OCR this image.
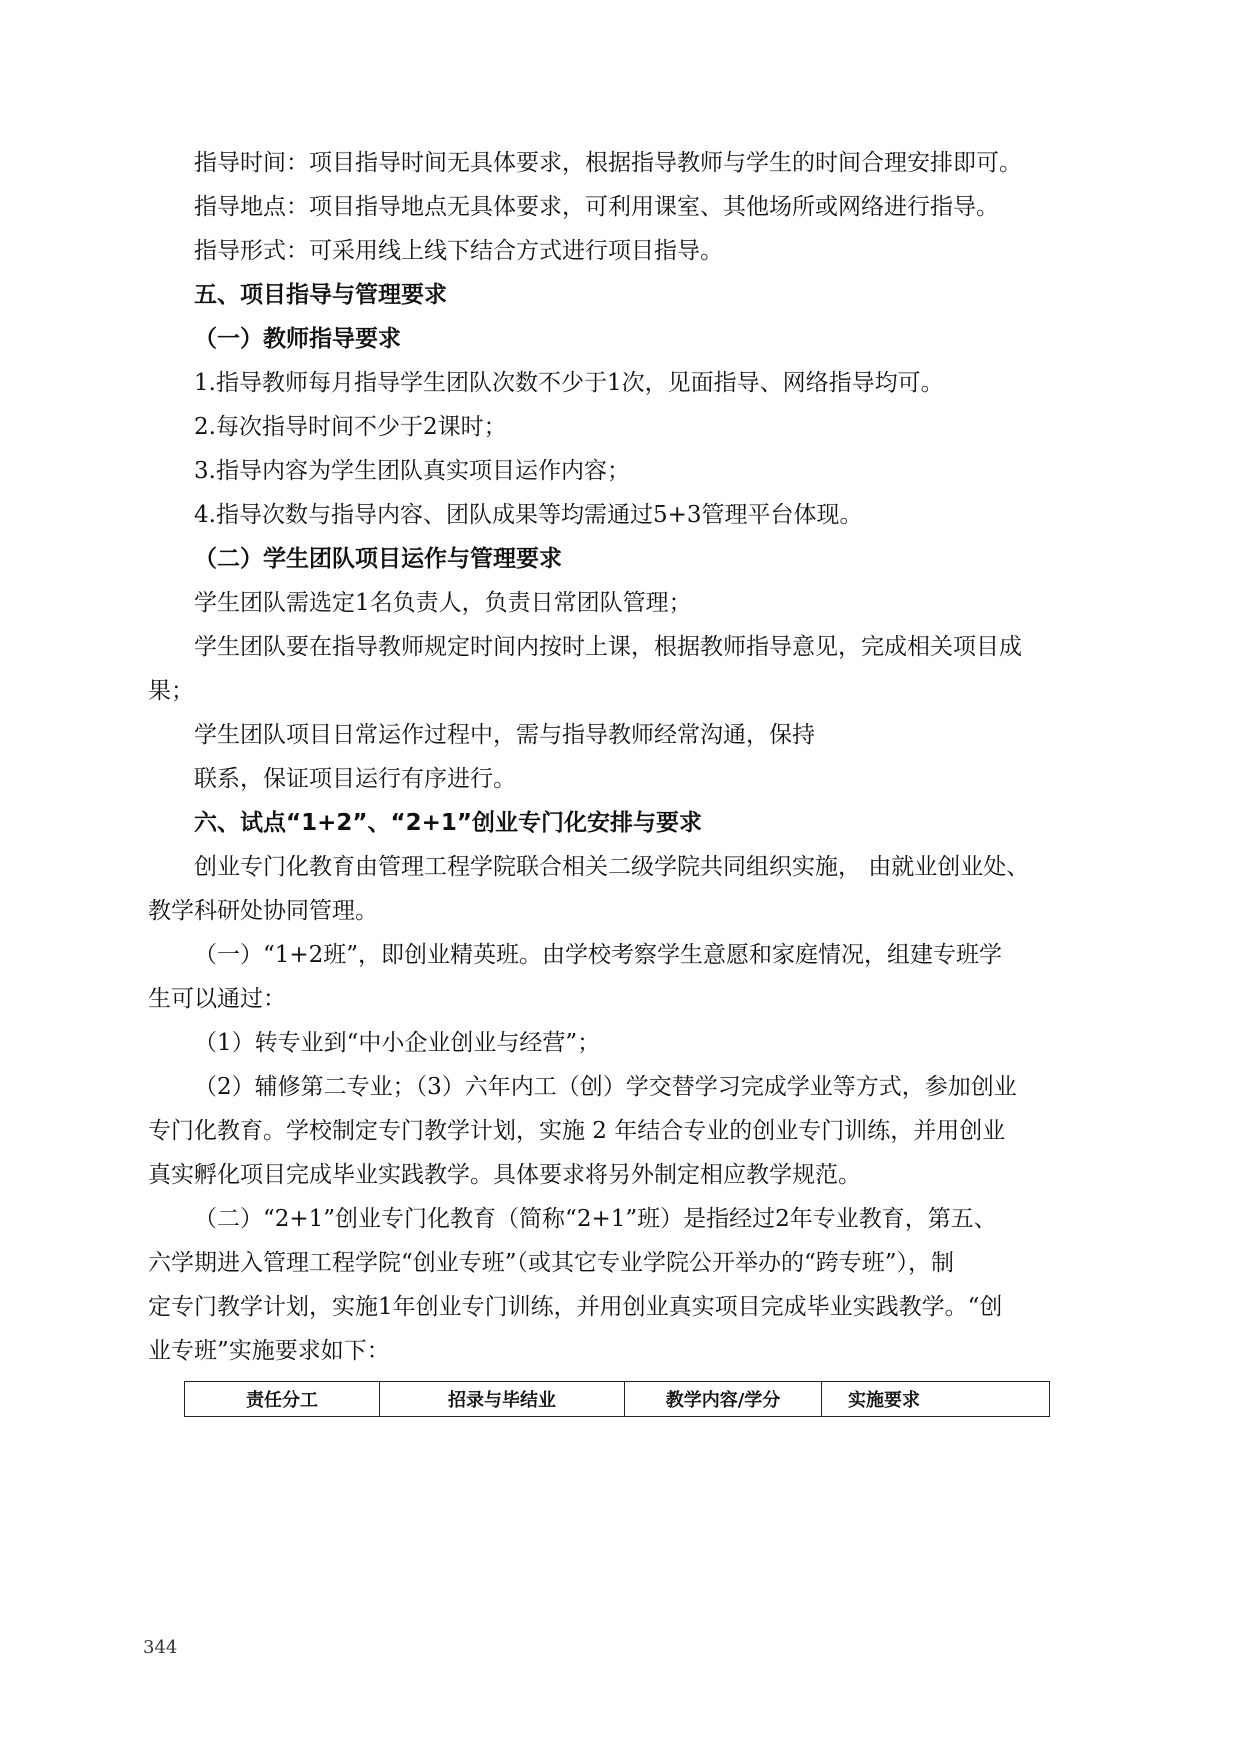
指导时间：项目指导时间无具体要求，根据指导教师与学生的时间合理安排即可。
指导地点：项目指导地点无具体要求，可利用课室、其他场所或网络进行指导。
指导形式：可采用线上线下结合方式进行项目指导。
五、项目指导与管理要求
（一）教师指导要求
1.指导教师每月指导学生团队次数不少于1次，见面指导、网络指导均可。
2.每次指导时间不少于2课时；
3.指导内容为学生团队真实项目运作内容；
4.指导次数与指导内容、团队成果等均需通过5+3管理平台体现。
（二）学生团队项目运作与管理要求
学生团队需选定1名负责人，负责日常团队管理；
学生团队要在指导教师规定时间内按时上课，根据教师指导意见，完成相关项目成
果；
学生团队项目日常运作过程中，需与指导教师经常沟通，保持
联系，保证项目运行有序进行。
六、试点“1+2”、“2+1”创业专门化安排与要求
创业专门化教育由管理工程学院联合相关二级学院共同组织实施， 由就业创业处、
教学科研处协同管理。
（一）“1+2班”，即创业精英班。由学校考察学生意愿和家庭情况，组建专班学
生可以通过：
（1）转专业到“中小企业创业与经营”；
（2）辅修第二专业；（3）六年内工（创）学交替学习完成学业等方式，参加创业
专门化教育。学校制定专门教学计划，实施 2 年结合专业的创业专门训练，并用创业
真实孵化项目完成毕业实践教学。具体要求将另外制定相应教学规范。
（二）“2+1”创业专门化教育（简称“2+1”班）是指经过2年专业教育，第五、
六学期进入管理工程学院“创业专班”（或其它专业学院公开举办的“跨专班”），制
定专门教学计划，实施1年创业专门训练，并用创业真实项目完成毕业实践教学。“创
责任分工	招录与毕结业	教学内容/学分	实施要求
344
业专班”实施要求如下：
